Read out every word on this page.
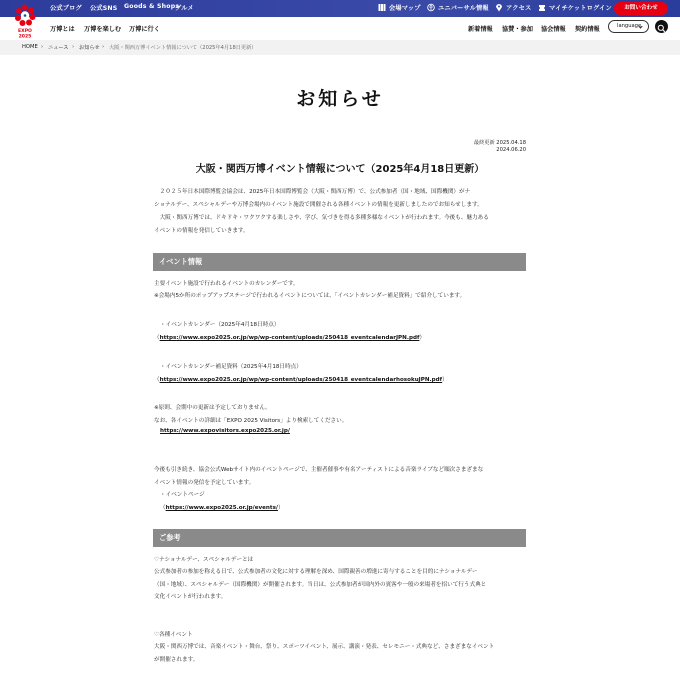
公式ブログ 公式SNS Goods & Shops
グルメ	会場マップ	ユニバーサル情報	アクセス	マイチケットログイン	お問い合わせ
EXPO
2025
万博とは 万博を楽しむ 万博に行く	新着情報 協賛・参加 協会情報 契約情報	language
HOME › ニュース › お知らせ › 大阪・関西万博イベント情報について（2025年4月18日更新）
お知らせ
最終更新 2025.04.18
2024.06.20
大阪・関西万博イベント情報について（2025年4月18日更新）
　２０２５年日本国際博覧会協会は、2025年日本国際博覧会（大阪・関西万博）で、公式参加者（国・地域、国際機関）がナ
ショナルデー、スペシャルデーや万博会場内のイベント施設で開催される各種イベントの情報を更新しましたのでお知らせします。
　大阪・関西万博では、ドキドキ・ワクワクする楽しさや、学び、気づきを得る多種多様なイベントが行われます。今後も、魅力ある
イベントの情報を発信していきます。
イベント情報
主要イベント施設で行われるイベントのカレンダーです。
※会場内5か所のポップアップステージで行われるイベントについては、「イベントカレンダー補足資料」で紹介しています。
・イベントカレンダー（2025年4月18日時点）
（https://www.expo2025.or.jp/wp/wp-content/uploads/250418_eventcalendarJPN.pdf）
・イベントカレンダー補足資料（2025年4月18日時点）
（https://www.expo2025.or.jp/wp/wp-content/uploads/250418_eventcalendarhosokuJPN.pdf）
※原則、会期中の更新は予定しておりません。
なお、各イベントの詳細は「EXPO 2025 Visitors」より検索してください。
https://www.expovisitors.expo2025.or.jp/
今後も引き続き、協会公式Webサイト内のイベントページで、主催者催事や有名アーティストによる音楽ライブなど順次さまざまな
イベント情報の発信を予定しています。
・イベントページ
（https://www.expo2025.or.jp/events/）
ご参考
♡ナショナルデー、スペシャルデーとは
公式参加者の参加を称える日で、公式参加者の文化に対する理解を深め、国際親善の増進に寄与することを目的にナショナルデー
（国・地域）、スペシャルデー（国際機関）が開催されます。当日は、公式参加者が国内外の賓客や一般の来場者を招いて行う式典と
文化イベントが行われます。
♡各種イベント
大阪・関西万博では、音楽イベント・舞台、祭り、スポーツイベント、展示、講演・発表、セレモニー・式典など、さまざまなイベント
が開催されます。
